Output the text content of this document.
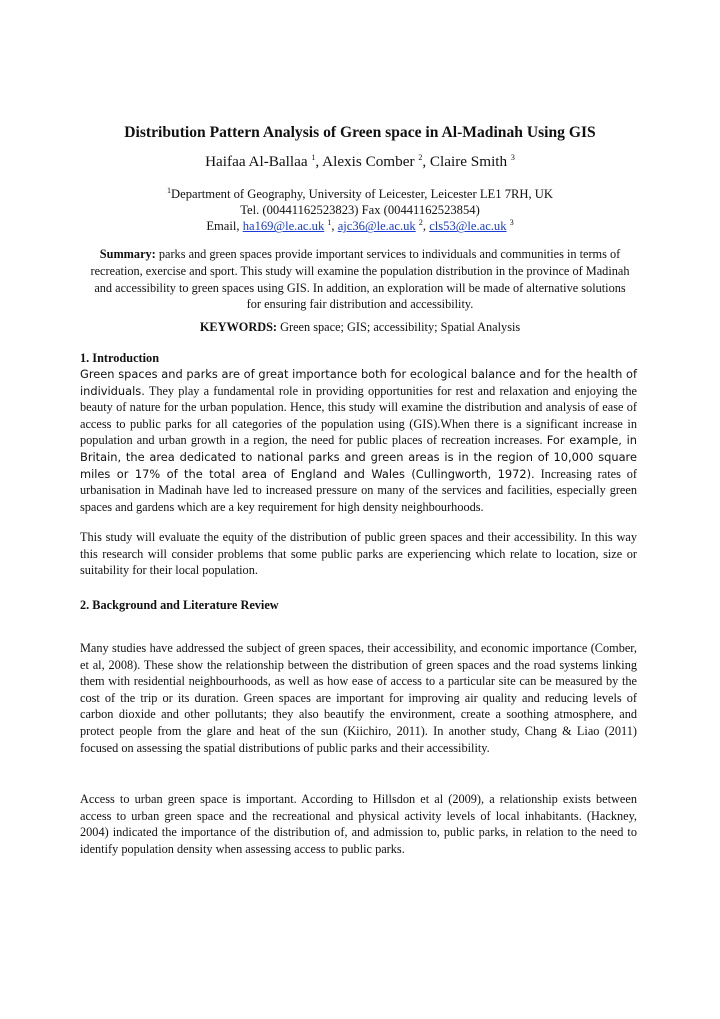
Distribution Pattern Analysis of Green space in Al-Madinah Using GIS
Haifaa Al-Ballaa $^1$, Alexis Comber $^2$, Claire Smith $^3$
$^1$Department of Geography, University of Leicester, Leicester LE1 7RH, UK
Tel. (00441162523823) Fax (00441162523854)
Email, ha169@le.ac.uk $^1$, ajc36@le.ac.uk $^2$, cls53@le.ac.uk $^3$
Summary: parks and green spaces provide important services to individuals and communities in terms of recreation, exercise and sport. This study will examine the population distribution in the province of Madinah and accessibility to green spaces using GIS. In addition, an exploration will be made of alternative solutions for ensuring fair distribution and accessibility.
KEYWORDS: Green space; GIS; accessibility; Spatial Analysis
1. Introduction
Green spaces and parks are of great importance both for ecological balance and for the health of individuals. They play a fundamental role in providing opportunities for rest and relaxation and enjoying the beauty of nature for the urban population. Hence, this study will examine the distribution and analysis of ease of access to public parks for all categories of the population using (GIS).When there is a significant increase in population and urban growth in a region, the need for public places of recreation increases. For example, in Britain, the area dedicated to national parks and green areas is in the region of 10,000 square miles or 17% of the total area of England and Wales (Cullingworth, 1972). Increasing rates of urbanisation in Madinah have led to increased pressure on many of the services and facilities, especially green spaces and gardens which are a key requirement for high density neighbourhoods.
This study will evaluate the equity of the distribution of public green spaces and their accessibility. In this way this research will consider problems that some public parks are experiencing which relate to location, size or suitability for their local population.
2. Background and Literature Review
Many studies have addressed the subject of green spaces, their accessibility, and economic importance (Comber, et al, 2008). These show the relationship between the distribution of green spaces and the road systems linking them with residential neighbourhoods, as well as how ease of access to a particular site can be measured by the cost of the trip or its duration. Green spaces are important for improving air quality and reducing levels of carbon dioxide and other pollutants; they also beautify the environment, create a soothing atmosphere, and protect people from the glare and heat of the sun (Kiichiro, 2011). In another study, Chang & Liao (2011) focused on assessing the spatial distributions of public parks and their accessibility.
Access to urban green space is important. According to Hillsdon et al (2009), a relationship exists between access to urban green space and the recreational and physical activity levels of local inhabitants. (Hackney, 2004) indicated the importance of the distribution of, and admission to, public parks, in relation to the need to identify population density when assessing access to public parks.
